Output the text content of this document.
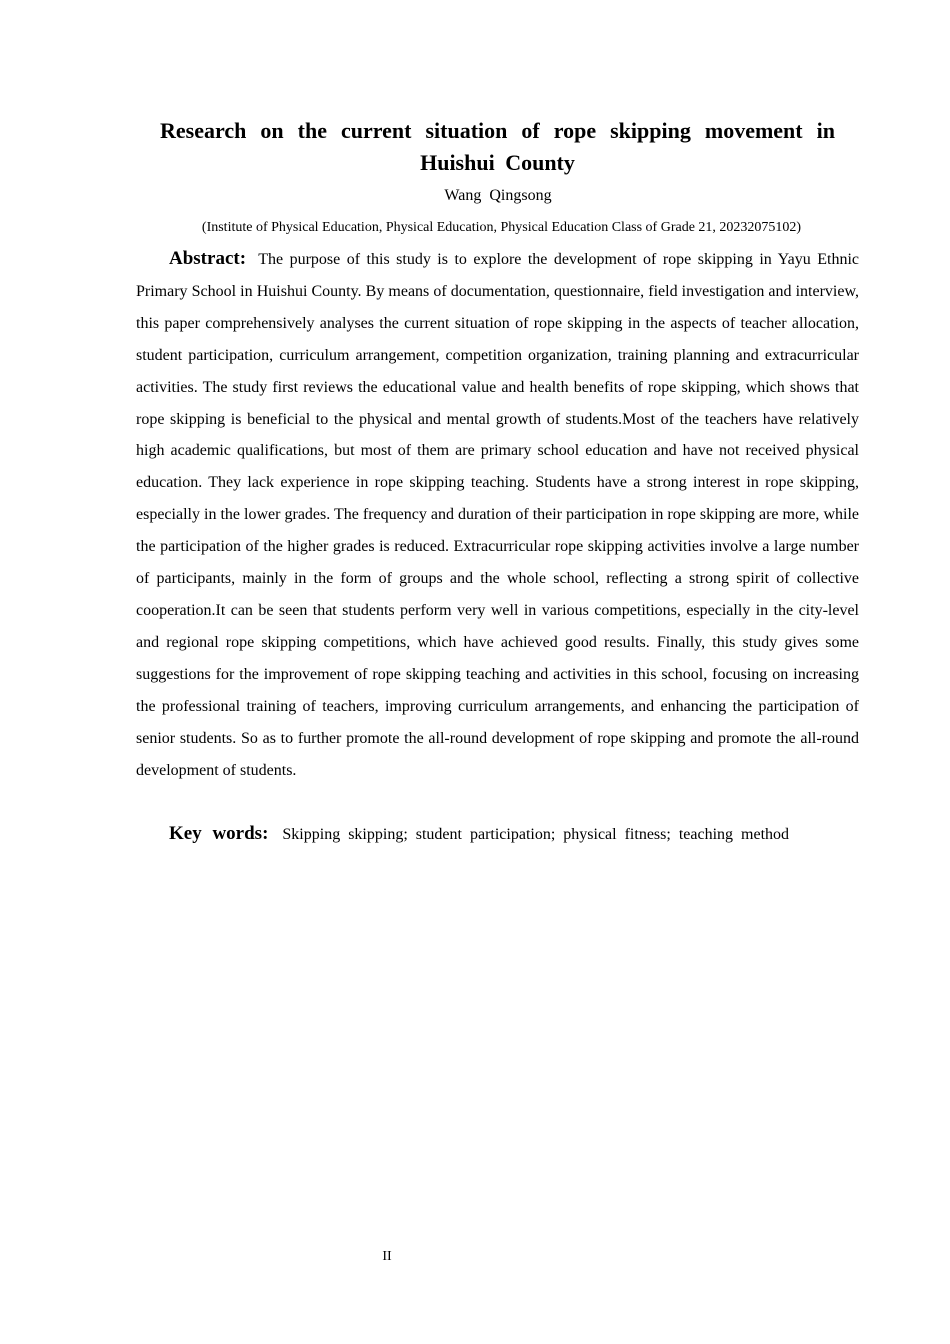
Research on the current situation of rope skipping movement in Huishui County
Wang Qingsong
(Institute of Physical Education, Physical Education, Physical Education Class of Grade 21, 20232075102)

Abstract: The purpose of this study is to explore the development of rope skipping in Yayu Ethnic Primary School in Huishui County. By means of documentation, questionnaire, field investigation and interview, this paper comprehensively analyses the current situation of rope skipping in the aspects of teacher allocation, student participation, curriculum arrangement, competition organization, training planning and extracurricular activities. The study first reviews the educational value and health benefits of rope skipping, which shows that rope skipping is beneficial to the physical and mental growth of students.Most of the teachers have relatively high academic qualifications, but most of them are primary school education and have not received physical education. They lack experience in rope skipping teaching. Students have a strong interest in rope skipping, especially in the lower grades. The frequency and duration of their participation in rope skipping are more, while the participation of the higher grades is reduced. Extracurricular rope skipping activities involve a large number of participants, mainly in the form of groups and the whole school, reflecting a strong spirit of collective cooperation.It can be seen that students perform very well in various competitions, especially in the city-level and regional rope skipping competitions, which have achieved good results. Finally, this study gives some suggestions for the improvement of rope skipping teaching and activities in this school, focusing on increasing the professional training of teachers, improving curriculum arrangements, and enhancing the participation of senior students. So as to further promote the all-round development of rope skipping and promote the all-round development of students.

Key words: Skipping skipping; student participation; physical fitness; teaching method

II
